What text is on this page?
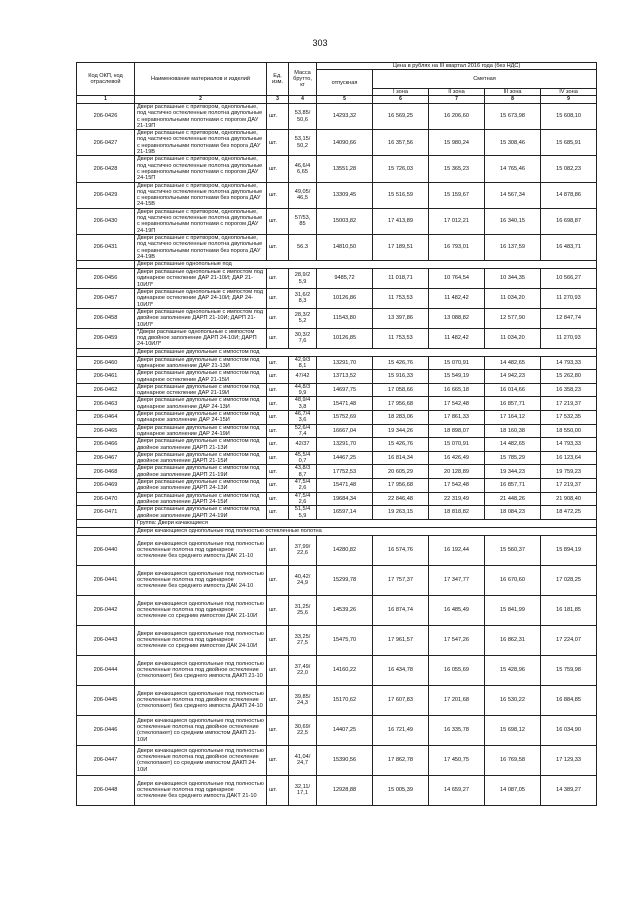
303
Код ОКП, код отраслевой	Наименование материалов и изделий	Ед. изм.	Масса брутто, кг	Цена в рублях на III квартал 2016 года (без НДС)				
				отпускная	Сметная			
					I зона	II зона	III зона	IV зона
1	2	3	4	5	6	7	8	9
206-0426	Двери распашные с притвором, однопольные, под частично остекленные полотна двупольные с неравнопольными полотнами с порогом ДАУ 21-19П	шт.	53,85/ 50,6	14293,32	16 569,25	16 206,60	15 673,98	15 608,10
206-0427	Двери распашные с притвором, однопольные, под частично остекленные полотна двупольные с неравнопольными полотнами без порога ДАУ 21-19В	шт.	53,15/ 50,2	14090,66	16 357,56	15 980,24	15 308,46	15 685,91
206-0428	Двери распашные с притвором, однопольные, под частично остекленные полотна двупольные с неравнопольными полотнами с порогом ДАУ 24-15П	шт.	46,6/4 6,65	13551,28	15 726,03	15 365,23	14 765,46	15 082,23
206-0429	Двери распашные с притвором, однопольные, под частично остекленные полотна двупольные с неравнопольными полотнами без порога ДАУ 24-15В	шт.	49,05/ 46,5	13309,45	15 516,59	15 159,67	14 567,34	14 878,86
206-0430	Двери распашные с притвором, однопольные, под частично остекленные полотна двупольные с неравнопольными полотнами с порогом ДАУ 24-19П	шт.	57/53, 85	15003,82	17 413,89	17 012,21	16 340,15	16 698,87
206-0431	Двери распашные с притвором, однопольные, под частично остекленные полотна двупольные с неравнопольными полотнами без порога ДАУ 24-19В	шт.	56.3	14810,50	17 189,51	16 793,01	16 137,59	16 483,71
	Двери распашные однопольные под							
206-0456	Двери распашные однопольные с импостом под одинарное остекление ДАР 21-10И; ДАР 21-10ИЛ*	шт.	28,9/2 5,9	9485,72	11 018,71	10 764,54	10 344,35	10 566,27
206-0457	Двери распашные однопольные с импостом под одинарное остекление ДАР 24-10И; ДАР 24-10ИЛ*	шт.	31,6/2 8,3	10126,86	11 753,53	11 482,42	11 034,20	11 270,93
206-0458	Двери распашные однопольные с импостом под двойное заполнение ДАРП 21-10И; ДАРП 21-10ИЛ*	шт.	28,3/2 5,2	11543,80	13 397,86	13 088,82	12 577,90	12 847,74
206-0459	*Двери распашные однопольные с импостом под двойное заполнение ДАРП 24-10И; ДАРП 24-10ИЛ*	шт.	30,3/2 7,6	10126,85	11 753,53	11 482,42	11 034,20	11 270,93
	Двери распашные двупольные с импостом под							
206-0460	Двери распашные двупольные с импостом под одинарное заполнение ДАР 21-13И	шт.	42,9/3 8,1	13291,70	15 426,76	15 070,91	14 482,65	14 793,33
206-0461	Двери распашные двупольные с импостом под одинарное остекление ДАР 21-15И	шт.	47/42	13713,52	15 916,33	15 549,19	14 942,23	15 262,80
206-0462	Двери распашные двупольные с импостом под одинарное остекление ДАР 21-19И	шт.	44,8/3 9,9	14697,75	17 058,66	16 665,18	16 014,66	16 358,23
206-0463	Двери распашные двупольные с импостом под одинарное заполнение ДАР 24-13И	шт.	48,9/4 3,8	15471,48	17 956,68	17 542,48	16 857,71	17 219,37
206-0464	Двери распашные двупольные с импостом под одинарное заполнение ДАР 24-15И	шт.	46,7/4 3,6	15752,69	18 283,06	17 861,33	17 164,12	17 532,35
206-0465	Двери распашные двупольные с импостом под одинарное заполнение ДАР 24-19И	шт.	52,6/4 7,4	16667,04	19 344,26	18 898,07	18 160,38	18 550,00
206-0466	Двери распашные двупольные с импостом под двойное заполнение ДАРП 21-13И	шт.	42/37	13291,70	15 426,76	15 070,91	14 482,65	14 793,33
206-0467	Двери распашные двупольные с импостом под двойное заполнение ДАРП 21-15И	шт.	45,5/4 0,7	14467,25	16 814,34	16 426,49	15 785,29	16 123,64
206-0468	Двери распашные двупольные с импостом под двойное заполнение ДАРП 21-19И	шт.	43,8/3 8,7	17752,53	20 605,29	20 128,89	19 344,23	19 759,23
206-0469	Двери распашные двупольные с импостом под двойное заполнение ДАРП 24-13И	шт.	47,5/4 2,6	15471,48	17 956,68	17 542,48	16 857,71	17 219,37
206-0470	Двери распашные двупольные с импостом под двойное заполнение ДАРП 24-15И	шт.	47,5/4 2,6	19684,34	22 846,48	22 319,49	21 448,26	21 908,40
206-0471	Двери распашные двупольные с импостом под двойное заполнение ДАРП 24-19И	шт.	51,5/4 5,9	16597,14	19 263,15	18 818,82	18 084,23	18 472,25
	Группа: Двери качающиеся							
	Двери качающиеся однопольные под полностью остекленные полотна							
206-0440	Двери качающиеся однопольные под полностью остекленные полотна под одинарное остекление без среднего импоста ДАК 21-10	шт.	37,99/ 22,6	14280,82	16 574,76	16 192,44	15 560,37	15 894,19
206-0441	Двери качающиеся однопольные под полностью остекленные полотна под одинарное остекление без среднего импоста ДАК 24-10	шт.	40,42/ 24,9	15299,78	17 757,37	17 347,77	16 670,60	17 028,25
206-0442	Двери качающиеся однопольные под полностью остекленные полотна под одинарное остекление со средним импостом ДАК 21-10И	шт.	31,25/ 25,6	14539,26	16 874,74	16 485,49	15 841,99	16 181,85
206-0443	Двери качающиеся однопольные под полностью остекленные полотна под одинарное остекление со средним импостом ДАК 24-10И	шт.	33,25/ 27,5	15475,70	17 961,57	17 547,26	16 862,31	17 224,07
206-0444	Двери качающиеся однопольные под полностью остекленные полотна под двойное остекление (стеклопакет) без среднего импоста ДАКП 21-10	шт.	37,49/ 22,0	14160,22	16 434,78	16 055,69	15 428,96	15 759,98
206-0445	Двери качающиеся однопольные под полностью остекленные полотна под двойное остекление (стеклопакет) без среднего импоста ДАКП 24-10	шт.	39,85/ 24,3	15170,62	17 607,83	17 201,68	16 530,22	16 884,85
206-0446	Двери качающиеся однопольные под полностью остекленные полотна под двойное остекление (стеклопакет) со средним импостом ДАКП 21-10И	шт.	30,69/ 22,5	14407,25	16 721,49	16 335,78	15 698,12	16 034,90
206-0447	Двери качающиеся однопольные под полностью остекленные полотна под двойное остекление (стеклопакет) со средним импостом ДАКП 24-10И	шт.	41,04/ 24,7	15390,56	17 862,78	17 450,75	16 769,58	17 129,33
206-0448	Двери качающиеся однопольные под полностью остекленные полотна под одинарное остекление без среднего импоста ДАКТ 21-10	шт.	32,11/ 17,1	12928,88	15 005,39	14 659,27	14 087,05	14 389,27
